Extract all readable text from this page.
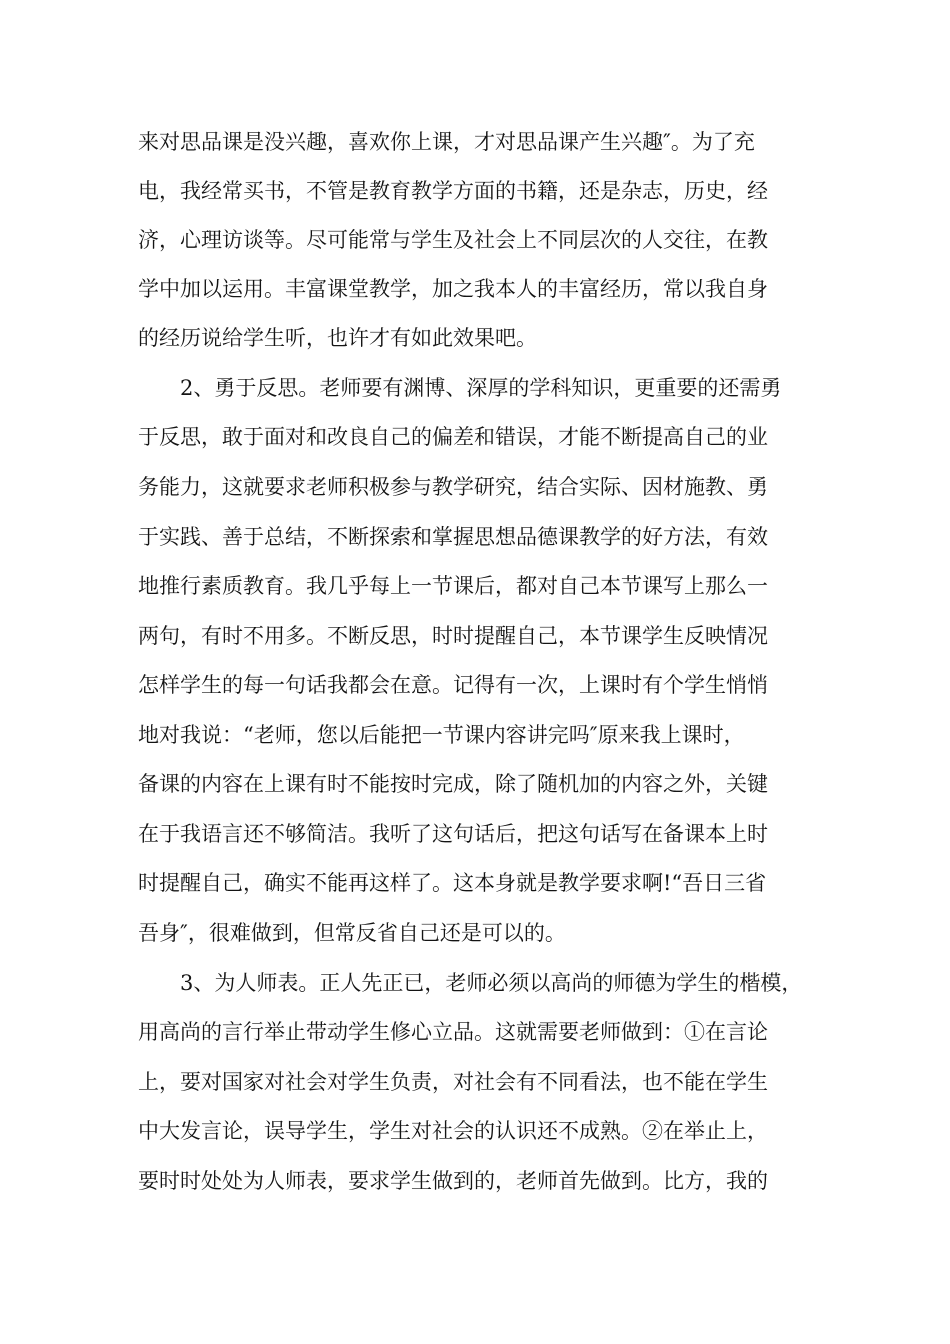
来对思品课是没兴趣，喜欢你上课，才对思品课产生兴趣″。为了充

电，我经常买书，不管是教育教学方面的书籍，还是杂志，历史，经

济，心理访谈等。尽可能常与学生及社会上不同层次的人交往，在教

学中加以运用。丰富课堂教学，加之我本人的丰富经历，常以我自身

的经历说给学生听，也许才有如此效果吧。

2、勇于反思。老师要有渊博、深厚的学科知识，更重要的还需勇

于反思，敢于面对和改良自己的偏差和错误，才能不断提高自己的业

务能力，这就要求老师积极参与教学研究，结合实际、因材施教、勇

于实践、善于总结，不断探索和掌握思想品德课教学的好方法，有效

地推行素质教育。我几乎每上一节课后，都对自己本节课写上那么一

两句，有时不用多。不断反思，时时提醒自己，本节课学生反映情况

怎样学生的每一句话我都会在意。记得有一次，上课时有个学生悄悄

地对我说：“老师，您以后能把一节课内容讲完吗″原来我上课时，

备课的内容在上课有时不能按时完成，除了随机加的内容之外，关键

在于我语言还不够简洁。我听了这句话后，把这句话写在备课本上时

时提醒自己，确实不能再这样了。这本身就是教学要求啊!“吾日三省

吾身″，很难做到，但常反省自己还是可以的。

3、为人师表。正人先正已，老师必须以高尚的师德为学生的楷模，

用高尚的言行举止带动学生修心立品。这就需要老师做到：①在言论

上，要对国家对社会对学生负责，对社会有不同看法，也不能在学生

中大发言论，误导学生，学生对社会的认识还不成熟。②在举止上，

要时时处处为人师表，要求学生做到的，老师首先做到。比方，我的
